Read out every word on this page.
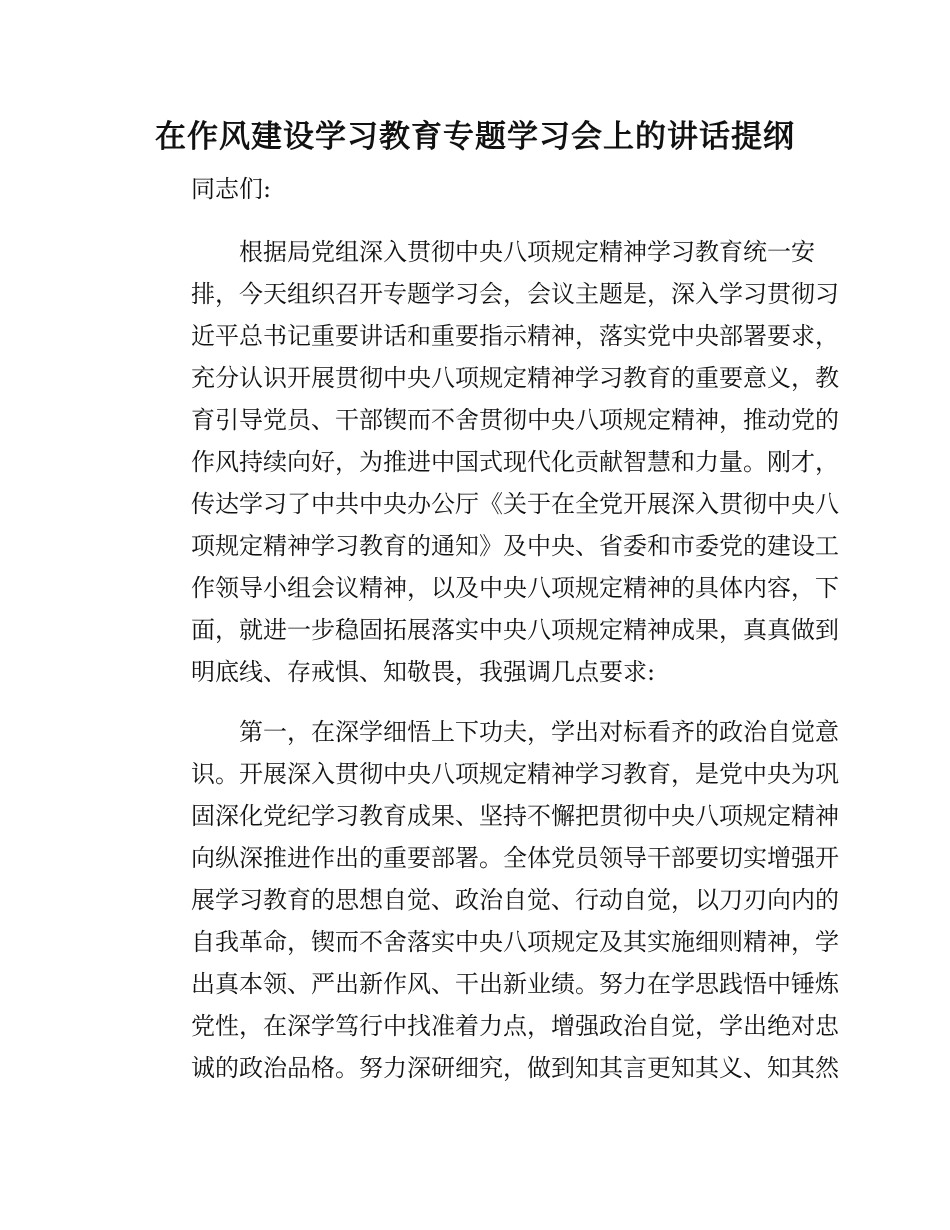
在作风建设学习教育专题学习会上的讲话提纲

同志们:

根据局党组深入贯彻中央八项规定精神学习教育统一安
排，今天组织召开专题学习会，会议主题是，深入学习贯彻习
近平总书记重要讲话和重要指示精神，落实党中央部署要求，
充分认识开展贯彻中央八项规定精神学习教育的重要意义，教
育引导党员、干部锲而不舍贯彻中央八项规定精神，推动党的
作风持续向好，为推进中国式现代化贡献智慧和力量。刚才，
传达学习了中共中央办公厅《关于在全党开展深入贯彻中央八
项规定精神学习教育的通知》及中央、省委和市委党的建设工
作领导小组会议精神，以及中央八项规定精神的具体内容，下
面，就进一步稳固拓展落实中央八项规定精神成果，真真做到
明底线、存戒惧、知敬畏，我强调几点要求:
第一，在深学细悟上下功夫，学出对标看齐的政治自觉意
识。开展深入贯彻中央八项规定精神学习教育，是党中央为巩
固深化党纪学习教育成果、坚持不懈把贯彻中央八项规定精神
向纵深推进作出的重要部署。全体党员领导干部要切实增强开
展学习教育的思想自觉、政治自觉、行动自觉，以刀刃向内的
自我革命，锲而不舍落实中央八项规定及其实施细则精神，学
出真本领、严出新作风、干出新业绩。努力在学思践悟中锤炼
党性，在深学笃行中找准着力点，增强政治自觉，学出绝对忠
诚的政治品格。努力深研细究，做到知其言更知其义、知其然
